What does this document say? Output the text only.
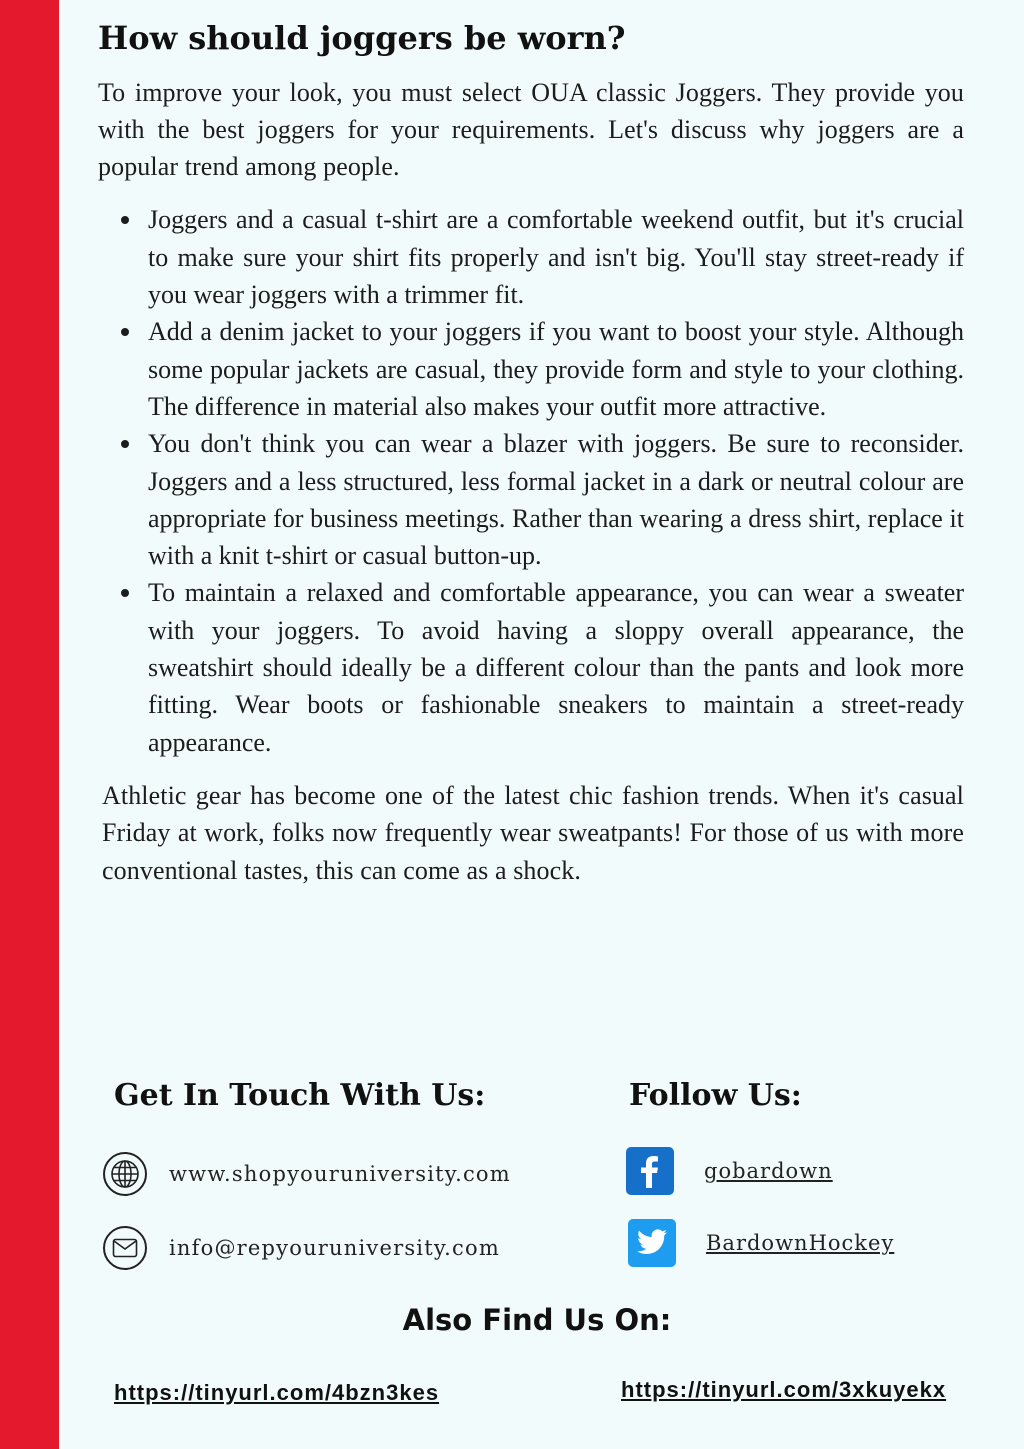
How should joggers be worn?

To improve your look, you must select OUA classic Joggers. They provide you with the best joggers for your requirements. Let's discuss why joggers are a popular trend among people.

Joggers and a casual t-shirt are a comfortable weekend outfit, but it's crucial to make sure your shirt fits properly and isn't big. You'll stay street-ready if you wear joggers with a trimmer fit.
Add a denim jacket to your joggers if you want to boost your style. Although some popular jackets are casual, they provide form and style to your clothing. The difference in material also makes your outfit more attractive.
You don't think you can wear a blazer with joggers. Be sure to reconsider. Joggers and a less structured, less formal jacket in a dark or neutral colour are appropriate for business meetings. Rather than wearing a dress shirt, replace it with a knit t-shirt or casual button-up.
To maintain a relaxed and comfortable appearance, you can wear a sweater with your joggers. To avoid having a sloppy overall appearance, the sweatshirt should ideally be a different colour than the pants and look more fitting. Wear boots or fashionable sneakers to maintain a street-ready appearance.

Athletic gear has become one of the latest chic fashion trends. When it's casual Friday at work, folks now frequently wear sweatpants! For those of us with more conventional tastes, this can come as a shock.

Get In Touch With Us:	Follow Us:
www.shopyouruniversity.com
info@repyouruniversity.com
gobardown
BardownHockey
Also Find Us On:
https://tinyurl.com/4bzn3kes	https://tinyurl.com/3xkuyekx
